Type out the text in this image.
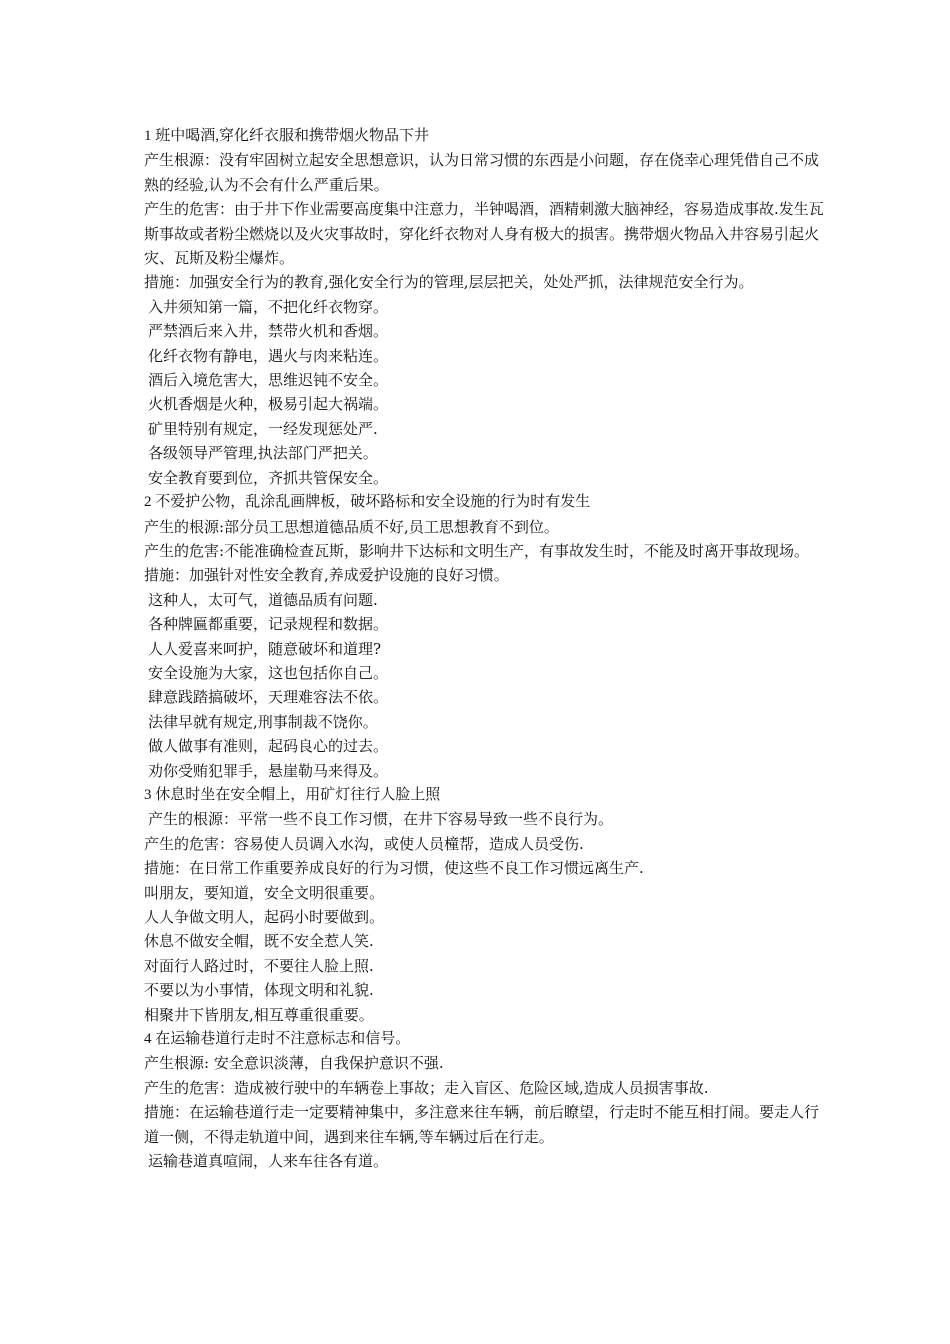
1 班中喝酒,穿化纤衣服和携带烟火物品下井

产生根源：没有牢固树立起安全思想意识，认为日常习惯的东西是小问题，存在侥幸心理凭借自己不成熟的经验,认为不会有什么严重后果。

产生的危害：由于井下作业需要高度集中注意力，半钟喝酒，酒精刺激大脑神经，容易造成事故.发生瓦斯事故或者粉尘燃烧以及火灾事故时，穿化纤衣物对人身有极大的损害。携带烟火物品入井容易引起火灾、瓦斯及粉尘爆炸。

措施：加强安全行为的教育,强化安全行为的管理,层层把关，处处严抓，法律规范安全行为。

入井须知第一篇，不把化纤衣物穿。

严禁酒后来入井，禁带火机和香烟。

化纤衣物有静电，遇火与肉来粘连。

酒后入境危害大，思维迟钝不安全。

火机香烟是火种，极易引起大祸端。

矿里特别有规定，一经发现惩处严.

各级领导严管理,执法部门严把关。

安全教育要到位，齐抓共管保安全。

2 不爱护公物，乱涂乱画牌板，破坏路标和安全设施的行为时有发生

产生的根源:部分员工思想道德品质不好,员工思想教育不到位。

产生的危害:不能准确检查瓦斯，影响井下达标和文明生产，有事故发生时，不能及时离开事故现场。

措施：加强针对性安全教育,养成爱护设施的良好习惯。

这种人，太可气，道德品质有问题.

各种牌匾都重要，记录规程和数据。

人人爱喜来呵护，随意破坏和道理?

安全设施为大家，这也包括你自己。

肆意践踏搞破坏，天理难容法不依。

法律早就有规定,刑事制裁不饶你。

做人做事有准则，起码良心的过去。

劝你受贿犯罪手，悬崖勒马来得及。

3 休息时坐在安全帽上，用矿灯往行人脸上照

产生的根源：平常一些不良工作习惯，在井下容易导致一些不良行为。

产生的危害：容易使人员调入水沟，或使人员橦帮，造成人员受伤.

措施：在日常工作重要养成良好的行为习惯，使这些不良工作习惯远离生产.

叫朋友，要知道，安全文明很重要。

人人争做文明人，起码小时要做到。

休息不做安全帽，既不安全惹人笑.

对面行人路过时，不要往人脸上照.

不要以为小事情，体现文明和礼貌.

相聚井下皆朋友,相互尊重很重要。

4 在运输巷道行走时不注意标志和信号。

产生根源: 安全意识淡薄，自我保护意识不强.

产生的危害：造成被行驶中的车辆卷上事故；走入盲区、危险区域,造成人员损害事故.

措施：在运输巷道行走一定要精神集中，多注意来往车辆，前后瞭望，行走时不能互相打闹。要走人行道一侧，不得走轨道中间，遇到来往车辆,等车辆过后在行走。

运输巷道真喧闹，人来车往各有道。
